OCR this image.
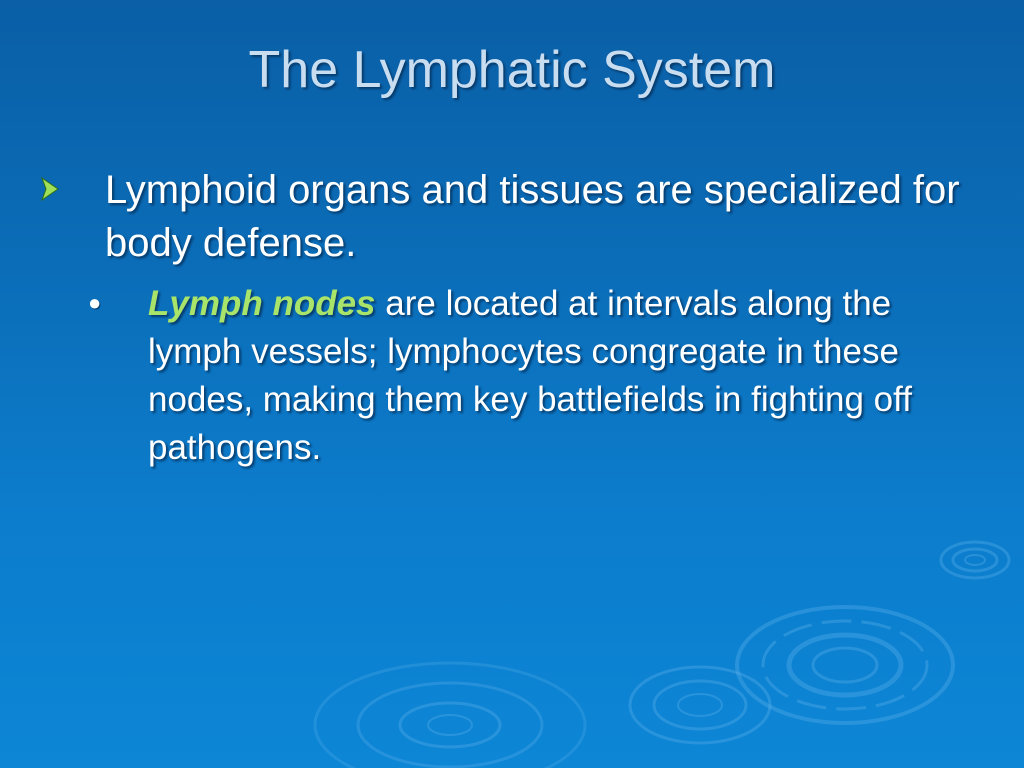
The Lymphatic System
Lymphoid organs and tissues are specialized for body defense.
● Lymph nodes are located at intervals along the lymph vessels; lymphocytes congregate in these nodes, making them key battlefields in fighting off pathogens.
